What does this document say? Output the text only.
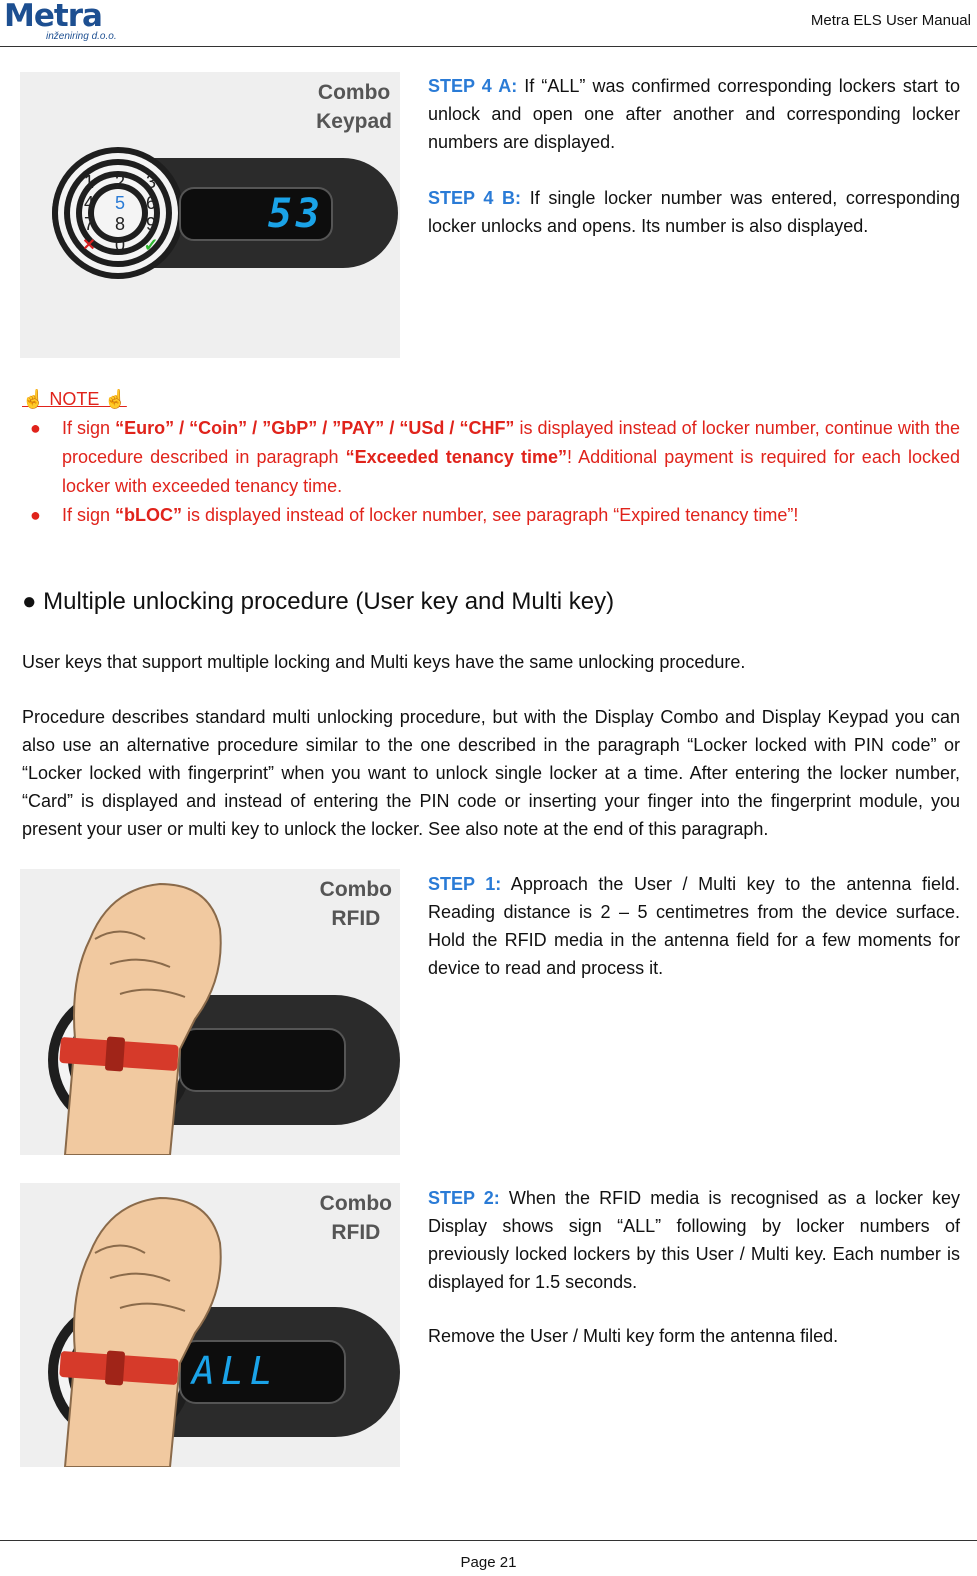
Metra
inženiring d.o.o.
Metra ELS User Manual
Combo
Keypad
1	2	3
4	5	6
7	8	9
✕	0	✓
53
STEP 4 A: If “ALL” was confirmed corresponding lockers start to unlock and open one after another and corresponding locker numbers are displayed.
STEP 4 B: If single locker number was entered, corresponding locker unlocks and opens. Its number is also displayed.
☝ NOTE ☝
● If sign “Euro” / “Coin” / ”GbP” / ”PAY” / “USd / “CHF” is displayed instead of locker number, continue with the procedure described in paragraph “Exceeded tenancy time”! Additional payment is required for each locked locker with exceeded tenancy time.
● If sign “bLOC” is displayed instead of locker number, see paragraph “Expired tenancy time”!
● Multiple unlocking procedure (User key and Multi key)
User keys that support multiple locking and Multi keys have the same unlocking procedure.
Procedure describes standard multi unlocking procedure, but with the Display Combo and Display Keypad you can also use an alternative procedure similar to the one described in the paragraph “Locker locked with PIN code” or “Locker locked with fingerprint” when you want to unlock single locker at a time. After entering the locker number, “Card” is displayed and instead of entering the PIN code or inserting your finger into the fingerprint module, you present your user or multi key to unlock the locker. See also note at the end of this paragraph.
Combo
RFID
STEP 1: Approach the User / Multi key to the antenna field. Reading distance is 2 – 5 centimetres from the device surface. Hold the RFID media in the antenna field for a few moments for device to read and process it.
Combo
RFID
ALL
STEP 2: When the RFID media is recognised as a locker key Display shows sign “ALL” following by locker numbers of previously locked lockers by this User / Multi key. Each number is displayed for 1.5 seconds.
Remove the User / Multi key form the antenna filed.
Page 21
